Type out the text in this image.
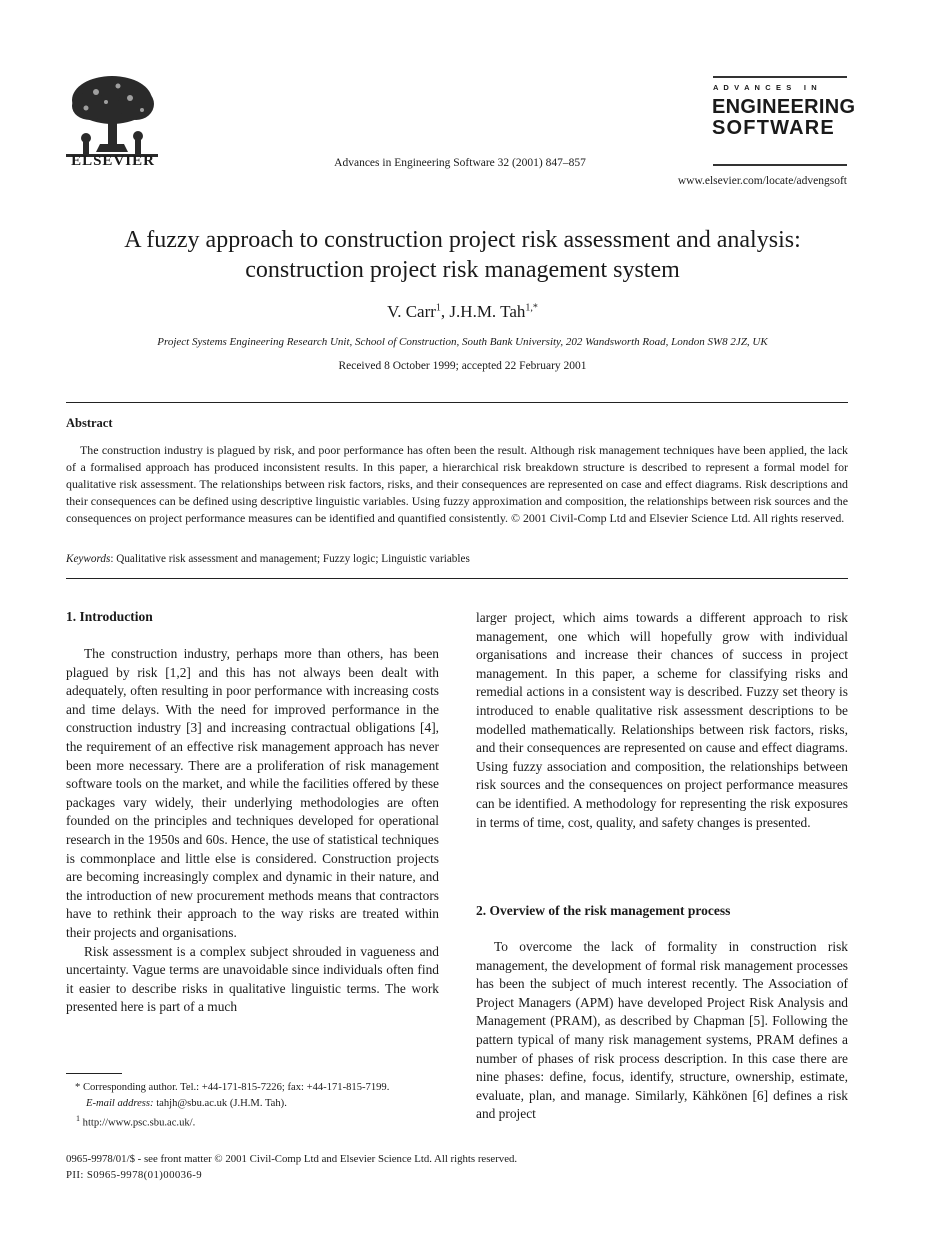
ELSEVIER	Advances in Engineering Software 32 (2001) 847–857
A D V A N C E S   I N
ENGINEERING
SOFTWARE
www.elsevier.com/locate/advengsoft
A fuzzy approach to construction project risk assessment and analysis:
construction project risk management system
V. Carr$^1$, J.H.M. Tah$^{1,*}$
Project Systems Engineering Research Unit, School of Construction, South Bank University, 202 Wandsworth Road, London SW8 2JZ, UK
Received 8 October 1999; accepted 22 February 2001
Abstract
The construction industry is plagued by risk, and poor performance has often been the result. Although risk management techniques have been applied, the lack of a formalised approach has produced inconsistent results. In this paper, a hierarchical risk breakdown structure is described to represent a formal model for qualitative risk assessment. The relationships between risk factors, risks, and their consequences are represented on case and effect diagrams. Risk descriptions and their consequences can be defined using descriptive linguistic variables. Using fuzzy approximation and composition, the relationships between risk sources and the consequences on project performance measures can be identified and quantified consistently. © 2001 Civil-Comp Ltd and Elsevier Science Ltd. All rights reserved.
Keywords: Qualitative risk assessment and management; Fuzzy logic; Linguistic variables
1. Introduction

The construction industry, perhaps more than others, has been plagued by risk [1,2] and this has not always been dealt with adequately, often resulting in poor performance with increasing costs and time delays. With the need for improved performance in the construction industry [3] and increasing contractual obligations [4], the requirement of an effective risk management approach has never been more necessary. There are a proliferation of risk management software tools on the market, and while the facilities offered by these packages vary widely, their underlying methodologies are often founded on the principles and techniques developed for operational research in the 1950s and 60s. Hence, the use of statistical techniques is commonplace and little else is considered. Construction projects are becoming increasingly complex and dynamic in their nature, and the introduction of new procurement methods means that contractors have to rethink their approach to the way risks are treated within their projects and organisations.

Risk assessment is a complex subject shrouded in vagueness and uncertainty. Vague terms are unavoidable since individuals often find it easier to describe risks in qualitative linguistic terms. The work presented here is part of a much

* Corresponding author. Tel.: +44-171-815-7226; fax: +44-171-815-7199.
E-mail address: tahjh@sbu.ac.uk (J.H.M. Tah).
$^1$ http://www.psc.sbu.ac.uk/.
larger project, which aims towards a different approach to risk management, one which will hopefully grow with individual organisations and increase their chances of success in project management. In this paper, a scheme for classifying risks and remedial actions in a consistent way is described. Fuzzy set theory is introduced to enable qualitative risk assessment descriptions to be modelled mathematically. Relationships between risk factors, risks, and their consequences are represented on cause and effect diagrams. Using fuzzy association and composition, the relationships between risk sources and the consequences on project performance measures can be identified. A methodology for representing the risk exposures in terms of time, cost, quality, and safety changes is presented.
2. Overview of the risk management process
To overcome the lack of formality in construction risk management, the development of formal risk management processes has been the subject of much interest recently. The Association of Project Managers (APM) have developed Project Risk Analysis and Management (PRAM), as described by Chapman [5]. Following the pattern typical of many risk management systems, PRAM defines a number of phases of risk process description. In this case there are nine phases: define, focus, identify, structure, ownership, estimate, evaluate, plan, and manage. Similarly, Kähkönen [6] defines a risk and project
0965-9978/01/$ - see front matter © 2001 Civil-Comp Ltd and Elsevier Science Ltd. All rights reserved.
PII: S0965-9978(01)00036-9
